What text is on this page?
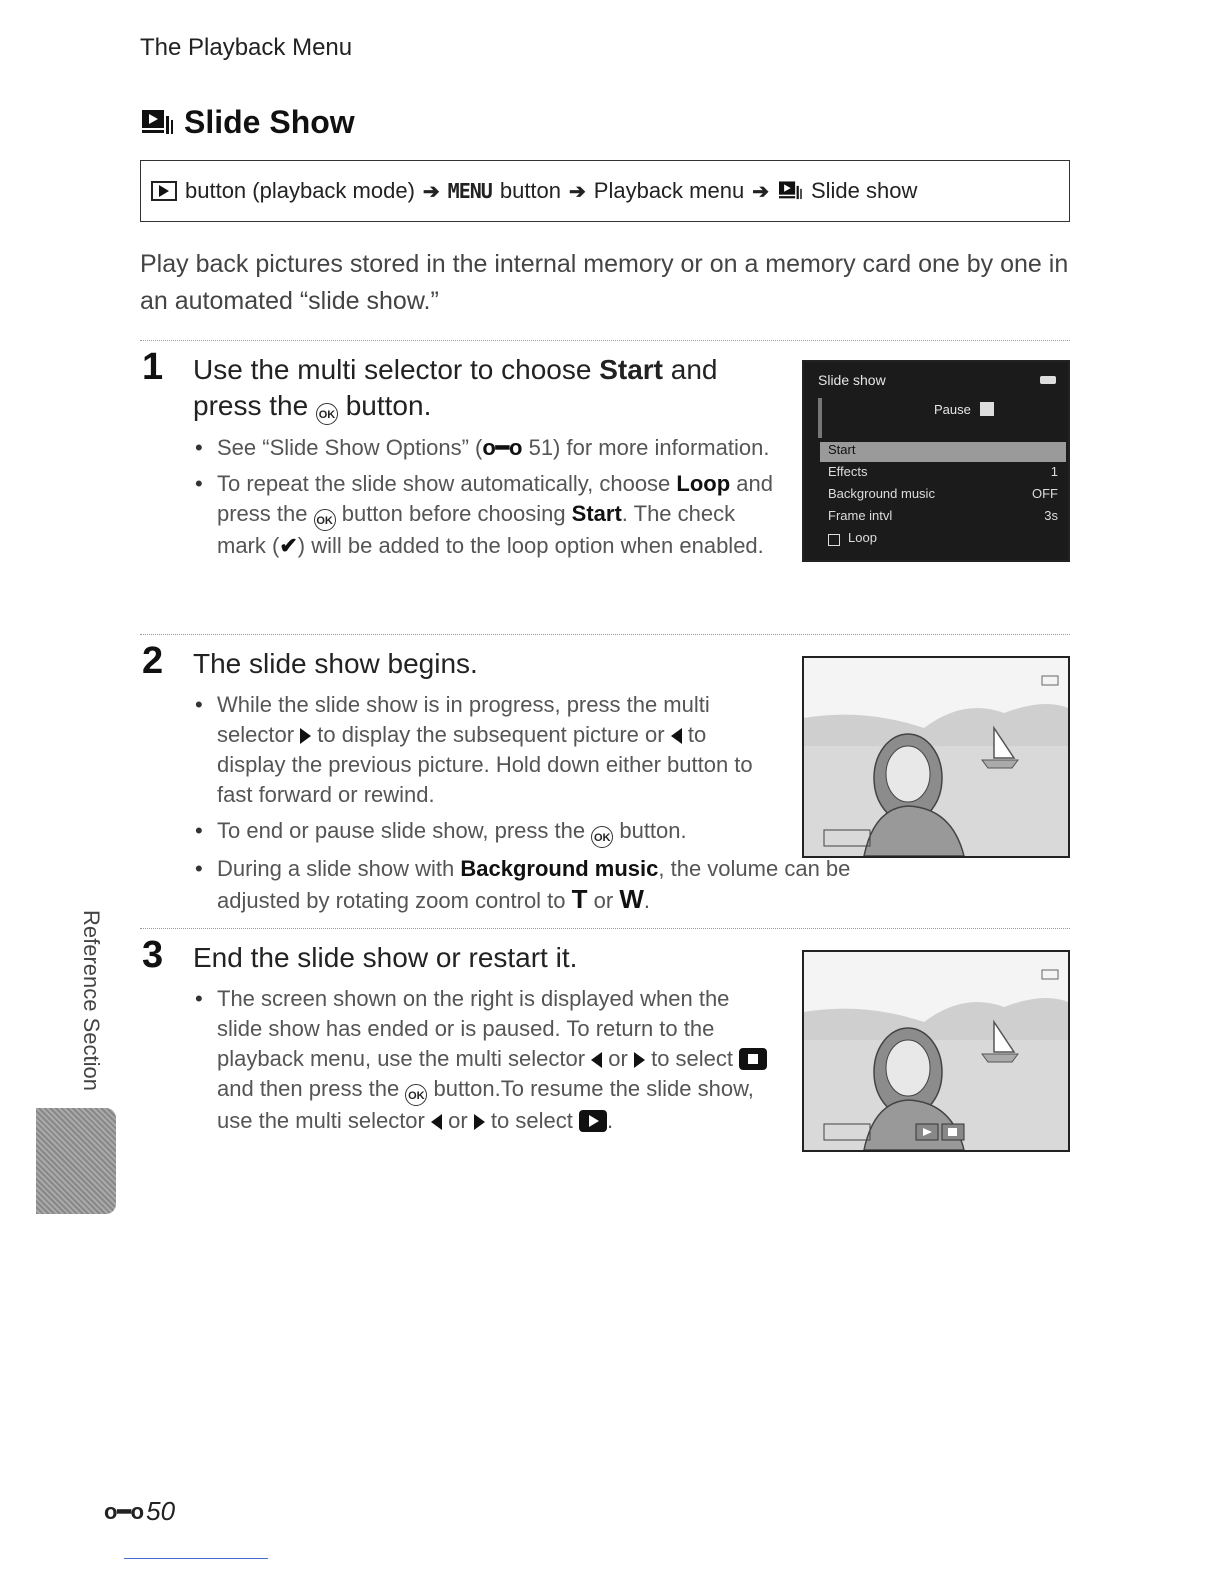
The Playback Menu
Slide Show
button (playback mode) ➔ MENU button ➔ Playback menu ➔ Slide show
Play back pictures stored in the internal memory or on a memory card one by one in an automated “slide show.”
1 Use the multi selector to choose Start and press the OK button.
• See “Slide Show Options” (o━o 51) for more information.
• To repeat the slide show automatically, choose Loop and press the OK button before choosing Start. The check mark (✔) will be added to the loop option when enabled.
Slide show
Pause
Start
Effects	1
Background music	OFF
Frame intvl	3s
Loop
2 The slide show begins.
• While the slide show is in progress, press the multi selector  to display the subsequent picture or  to display the previous picture. Hold down either button to fast forward or rewind.
• To end or pause slide show, press the OK button.
• During a slide show with Background music, the volume can be adjusted by rotating zoom control to T or W.
3 End the slide show or restart it.
• The screen shown on the right is displayed when the slide show has ended or is paused. To return to the playback menu, use the multi selector  or  to select  and then press the OK button.To resume the slide show, use the multi selector  or  to select .
Reference Section
o━o 50
